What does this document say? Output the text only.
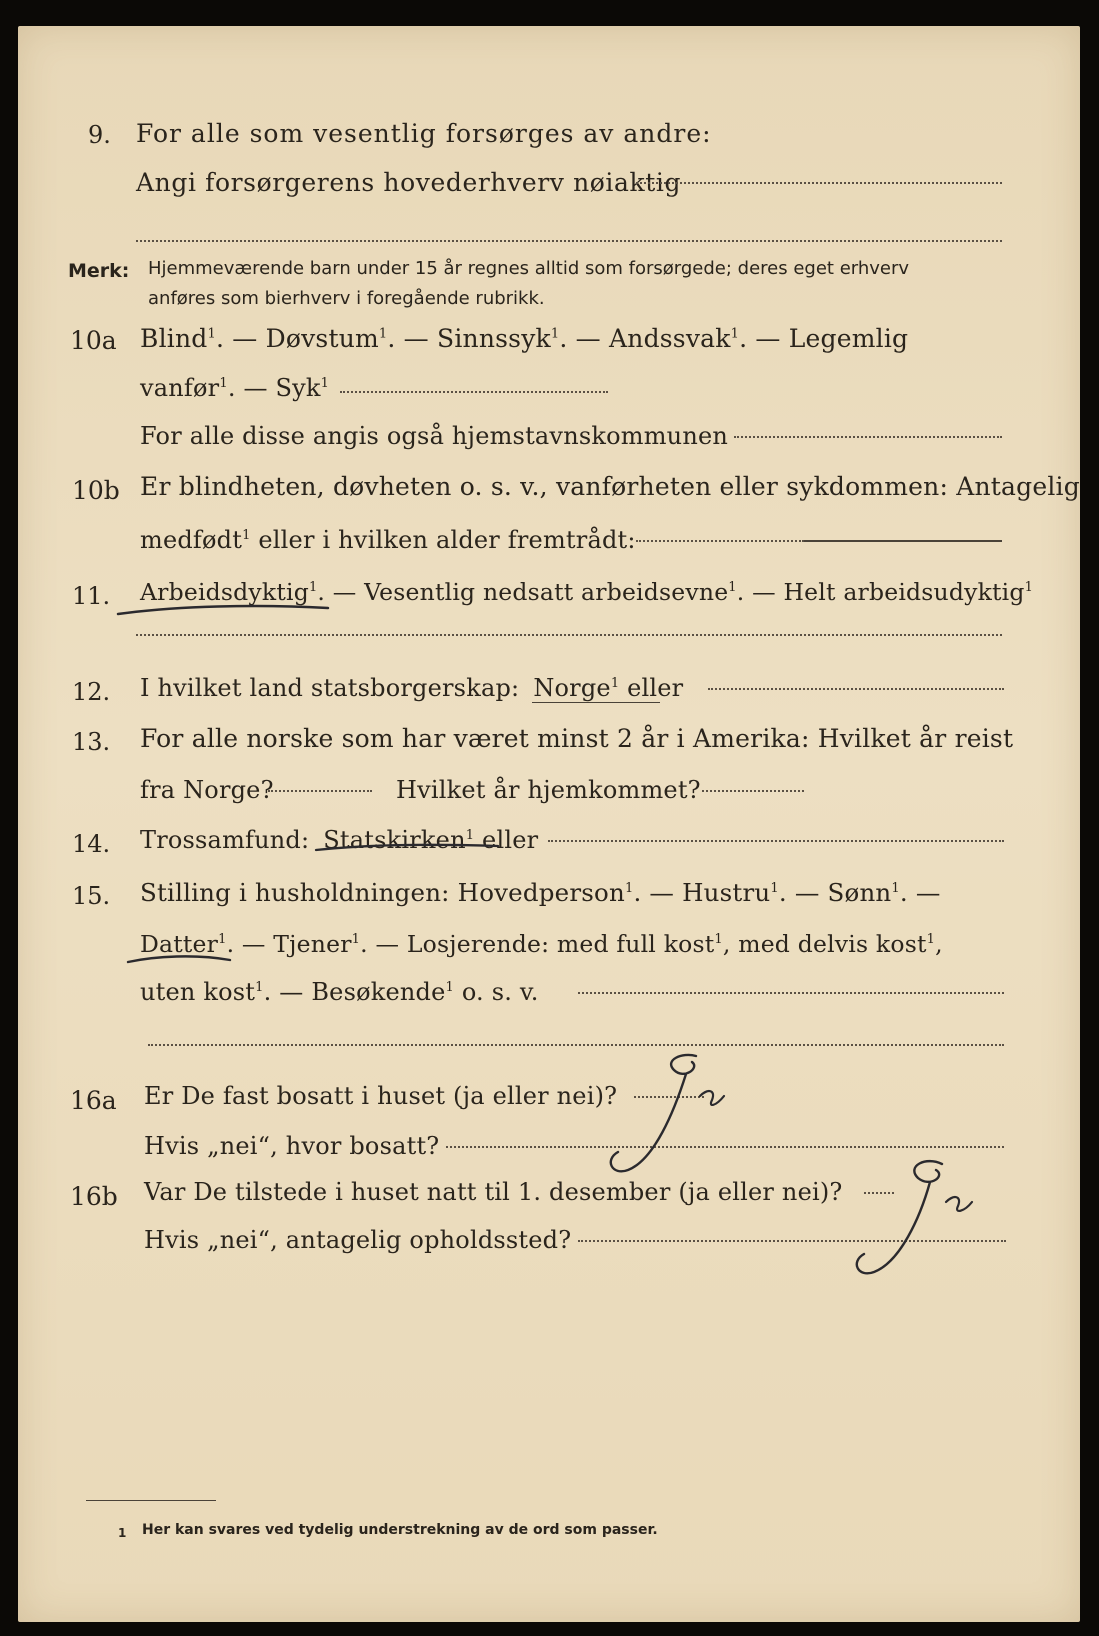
9. For alle som vesentlig forsørges av andre:
Angi forsørgerens hovederhverv nøiaktig
Merk: Hjemmeværende barn under 15 år regnes alltid som forsørgede; deres eget erhverv
anføres som bierhverv i foregående rubrikk.
10a Blind$^1$. — Døvstum$^1$. — Sinnssyk$^1$. — Andssvak$^1$. — Legemlig
vanfør$^1$. — Syk$^1$
For alle disse angis også hjemstavnskommunen
10b Er blindheten, døvheten o. s. v., vanførheten eller sykdommen: Antagelig
medfødt$^1$ eller i hvilken alder fremtrådt:
11. Arbeidsdyktig$^1$. — Vesentlig nedsatt arbeidsevne$^1$. — Helt arbeidsudyktig$^1$
12. I hvilket land statsborgerskap: Norge$^1$ eller
13. For alle norske som har været minst 2 år i Amerika: Hvilket år reist
fra Norge?	Hvilket år hjemkommet?
14. Trossamfund: Statskirken$^1$ eller
15. Stilling i husholdningen: Hovedperson$^1$. — Hustru$^1$. — Sønn$^1$. —
Datter$^1$. — Tjener$^1$. — Losjerende: med full kost$^1$, med delvis kost$^1$,
uten kost$^1$. — Besøkende$^1$ o. s. v.
16a Er De fast bosatt i huset (ja eller nei)?
Hvis „nei“, hvor bosatt?
16b Var De tilstede i huset natt til 1. desember (ja eller nei)?
Hvis „nei“, antagelig opholdssted?
1 Her kan svares ved tydelig understrekning av de ord som passer.
